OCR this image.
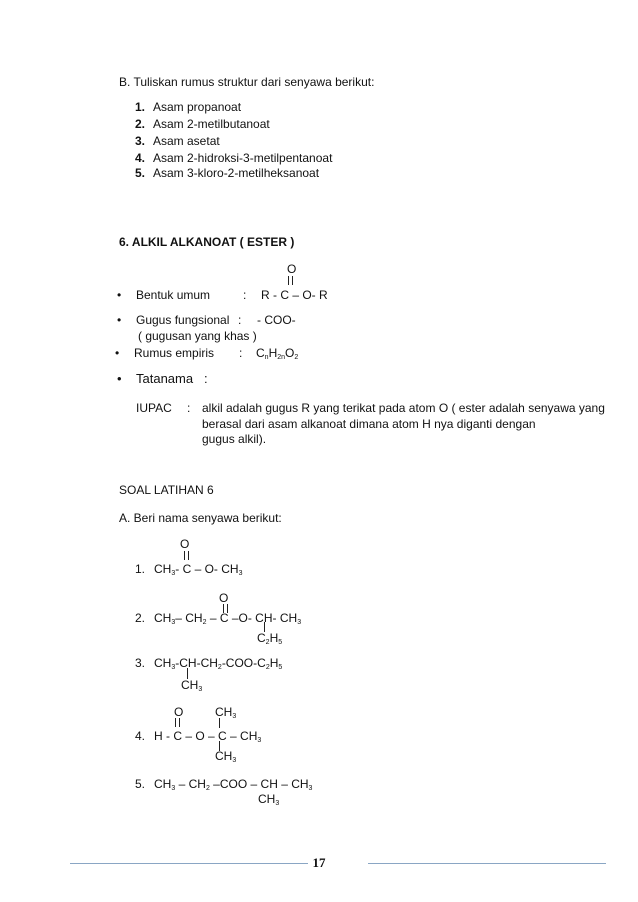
B. Tuliskan rumus struktur dari senyawa berikut:
1. Asam propanoat
2. Asam 2-metilbutanoat
3. Asam asetat
4. Asam 2-hidroksi-3-metilpentanoat
5. Asam 3-kloro-2-metilheksanoat
6. ALKIL ALKANOAT ( ESTER )
O
• Bentuk umum	: R - C – O- R
• Gugus fungsional : - COO-
( gugusan yang khas )
• Rumus empiris : CnH2nO2
• Tatanama :
IUPAC : alkil adalah gugus R yang terikat pada atom O ( ester adalah senyawa yang
berasal dari asam alkanoat dimana atom H nya diganti dengan
gugus alkil).
SOAL LATIHAN 6
A. Beri nama senyawa berikut:
O
1. CH3- C – O- CH3
O
2. CH3– CH2 – C –O- CH- CH3
C2H5
3. CH3-CH-CH2-COO-C2H5
CH3
O	CH3
4. H - C – O – C – CH3
CH3
5. CH3 – CH2 –COO – CH – CH3
CH3
17
